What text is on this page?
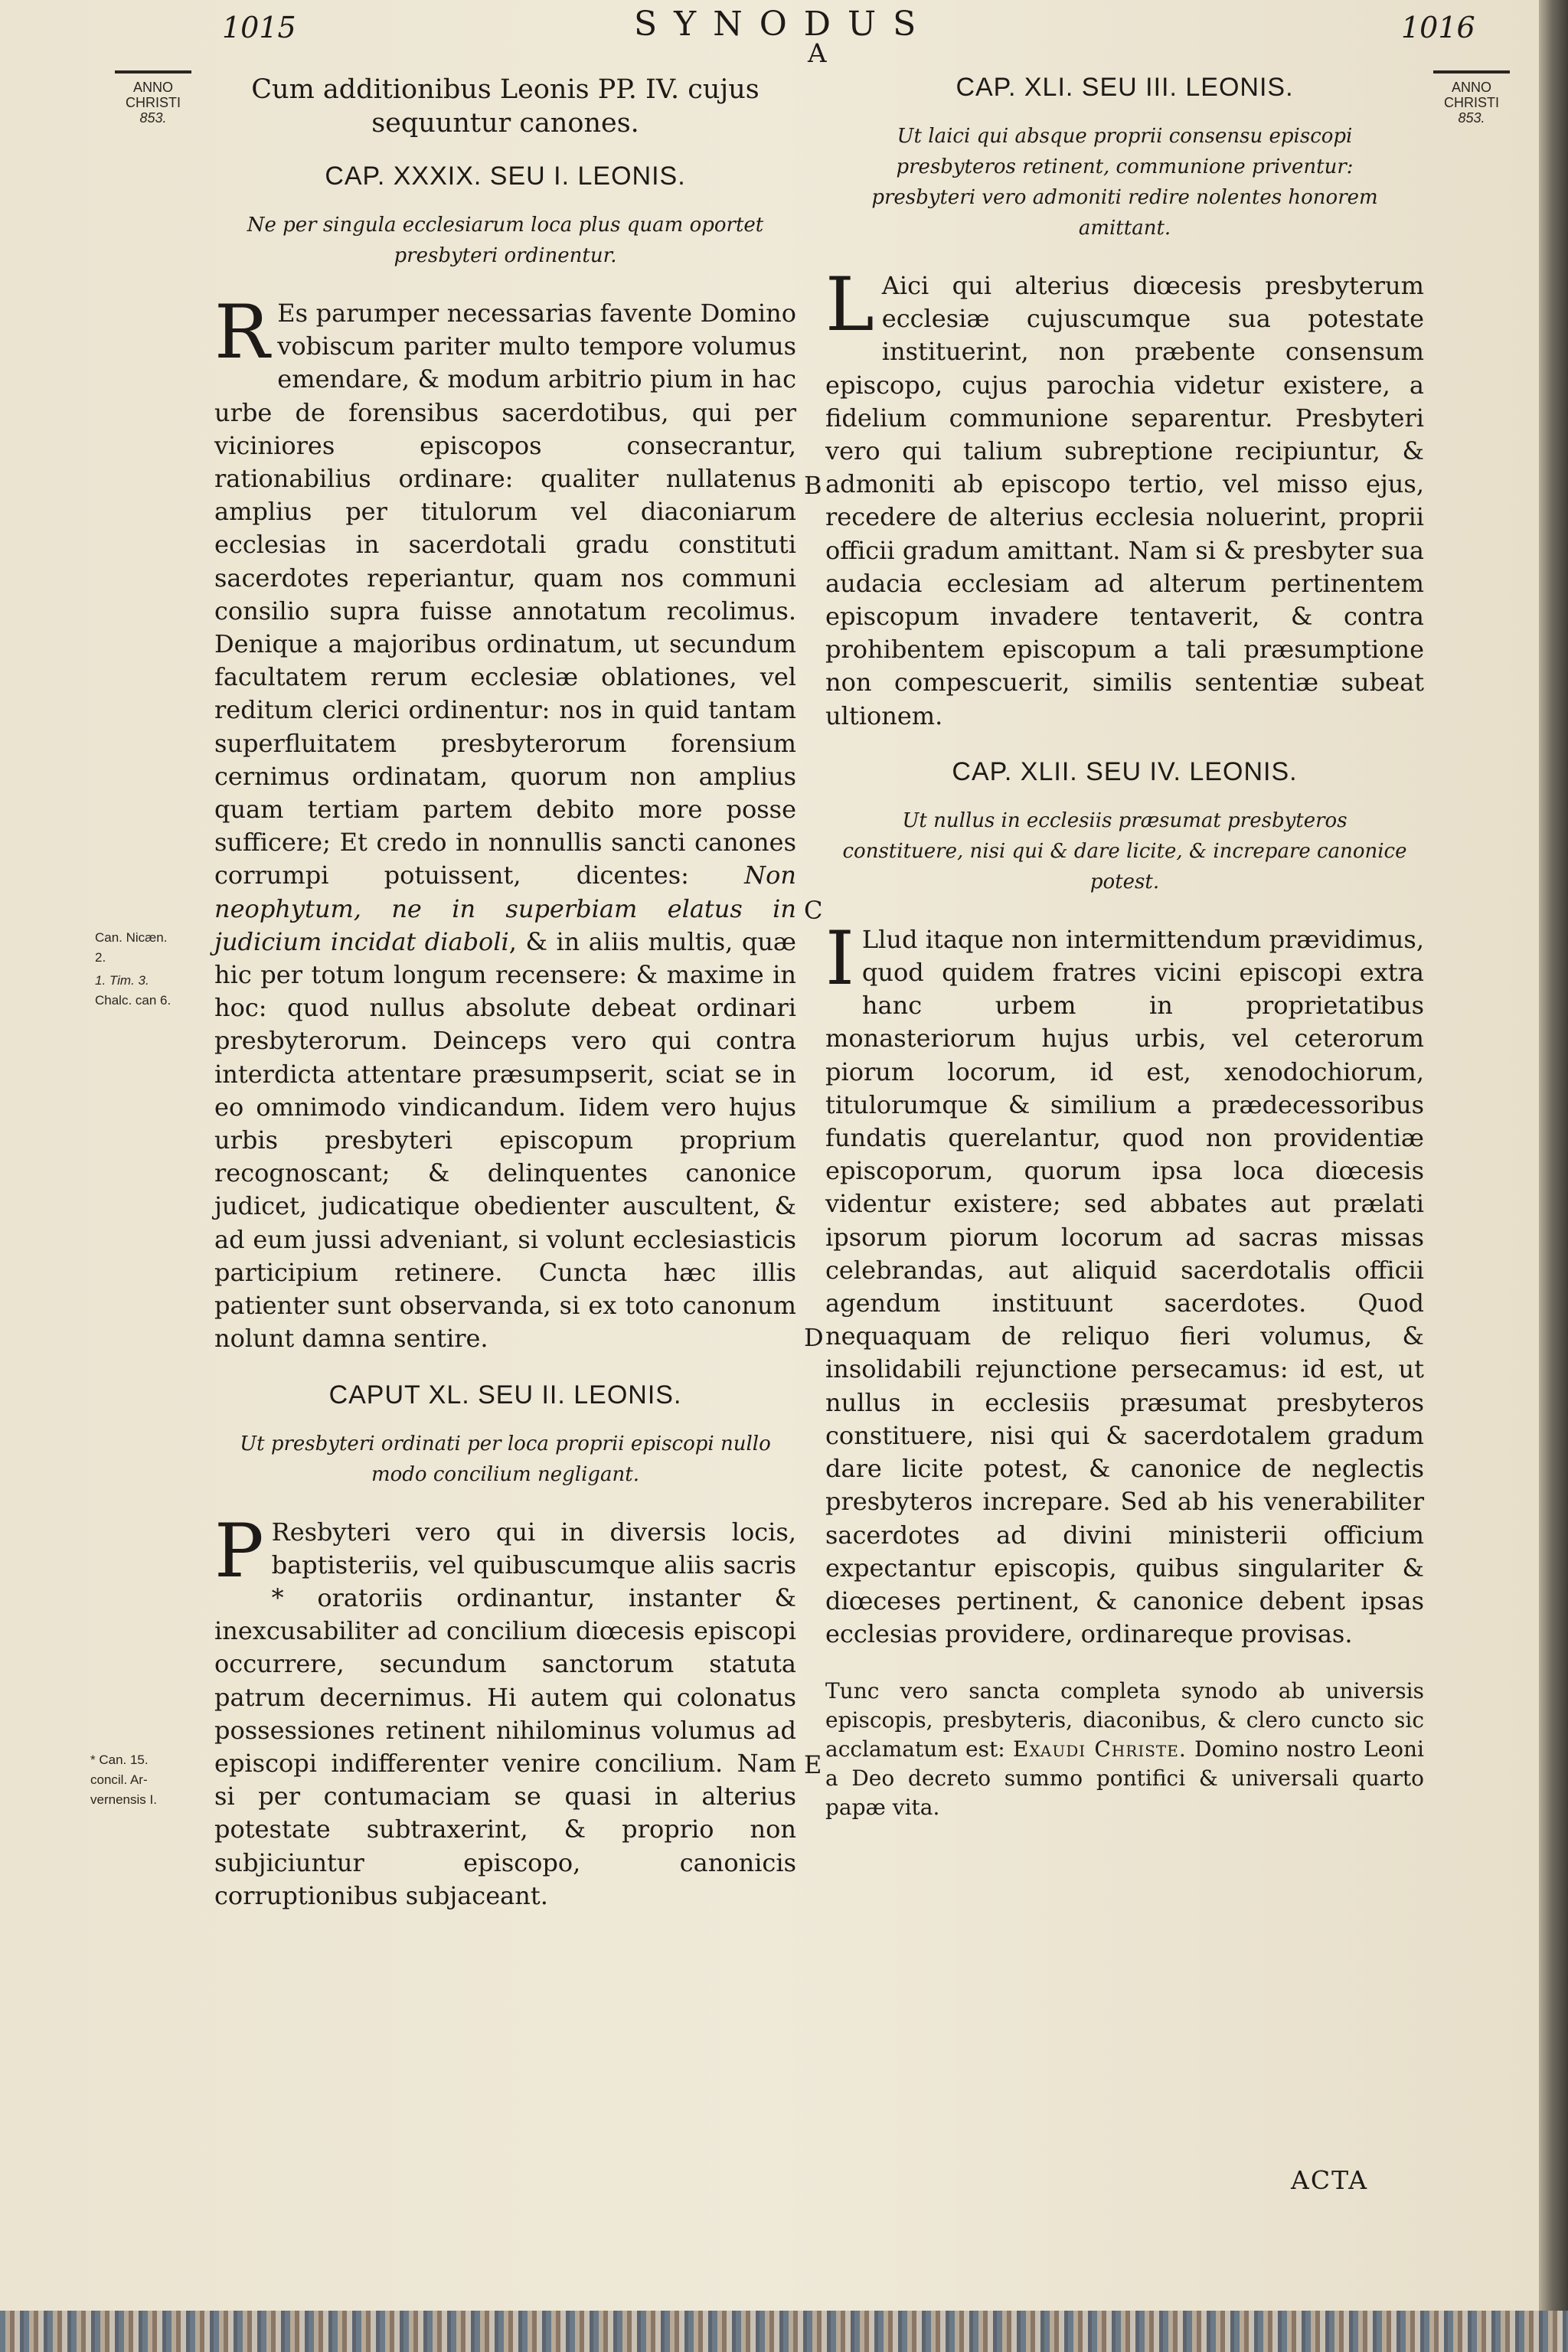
1015	SYNODUS
A
1016
ANNO CHRISTI
853.
ANNO CHRISTI
853.
Cum additionibus Leonis PP. IV. cujus
sequuntur canones.
CAP. XXXIX. SEU I. LEONIS.
Ne per singula ecclesiarum loca plus quam oportet presbyteri ordinentur.
R Es parumper necessarias favente Domino vobiscum pariter multo tempore volumus emendare, & modum arbitrio pium in hac urbe de forensibus sacerdotibus, qui per viciniores episcopos consecrantur, rationabilius ordinare: qualiter nullatenus amplius per titulorum vel diaconiarum ecclesias in sacerdotali gradu constituti sacerdotes reperiantur, quam nos communi consilio supra fuisse annotatum recolimus. Denique a majoribus ordinatum, ut secundum facultatem rerum ecclesiæ oblationes, vel reditum clerici ordinentur: nos in quid tantam superfluitatem presbyterorum forensium cernimus ordinatam, quorum non amplius quam tertiam partem debito more posse sufficere; Et credo in nonnullis sancti canones corrumpi potuissent, dicentes: Non neophytum, ne in superbiam elatus in judicium incidat diaboli, & in aliis multis, quæ hic per totum longum recensere: & maxime in hoc: quod nullus absolute debeat ordinari presbyterorum. Deinceps vero qui contra interdicta attentare præsumpserit, sciat se in eo omnimodo vindicandum. Iidem vero hujus urbis presbyteri episcopum proprium recognoscant; & delinquentes canonice judicet, judicatique obedienter auscultent, & ad eum jussi adveniant, si volunt ecclesiasticis participium retinere. Cuncta hæc illis patienter sunt observanda, si ex toto canonum nolunt damna sentire.
CAPUT XL. SEU II. LEONIS.
Ut presbyteri ordinati per loca proprii episcopi nullo modo concilium negligant.
P Resbyteri vero qui in diversis locis, baptisteriis, vel quibuscumque aliis sacris * oratoriis ordinantur, instanter & inexcusabiliter ad concilium diœcesis episcopi occurrere, secundum sanctorum statuta patrum decernimus. Hi autem qui colonatus possessiones retinent nihilominus volumus ad episcopi indifferenter venire concilium. Nam si per contumaciam se quasi in alterius potestate subtraxerint, & proprio non subjiciuntur episcopo, canonicis corruptionibus subjaceant.
CAP. XLI. SEU III. LEONIS.
Ut laici qui absque proprii consensu episcopi presbyteros retinent, communione priventur: presbyteri vero admoniti redire nolentes honorem amittant.
L Aici qui alterius diœcesis presbyterum ecclesiæ cujuscumque sua potestate instituerint, non præbente consensum episcopo, cujus parochia videtur existere, a fidelium communione separentur. Presbyteri vero qui talium subreptione recipiuntur, & admoniti ab episcopo tertio, vel misso ejus, recedere de alterius ecclesia noluerint, proprii officii gradum amittant. Nam si & presbyter sua audacia ecclesiam ad alterum pertinentem episcopum invadere tentaverit, & contra prohibentem episcopum a tali præsumptione non compescuerit, similis sententiæ subeat ultionem.
CAP. XLII. SEU IV. LEONIS.
Ut nullus in ecclesiis præsumat presbyteros constituere, nisi qui & dare licite, & increpare canonice potest.
I Llud itaque non intermittendum prævidimus, quod quidem fratres vicini episcopi extra hanc urbem in proprietatibus monasteriorum hujus urbis, vel ceterorum piorum locorum, id est, xenodochiorum, titulorumque & similium a prædecessoribus fundatis querelantur, quod non providentiæ episcoporum, quorum ipsa loca diœcesis videntur existere; sed abbates aut prælati ipsorum piorum locorum ad sacras missas celebrandas, aut aliquid sacerdotalis officii agendum instituunt sacerdotes. Quod nequaquam de reliquo fieri volumus, & insolidabili rejunctione persecamus: id est, ut nullus in ecclesiis præsumat presbyteros constituere, nisi qui & sacerdotalem gradum dare licite potest, & canonice de neglectis presbyteros increpare. Sed ab his venerabiliter sacerdotes ad divini ministerii officium expectantur episcopis, quibus singulariter & diœceses pertinent, & canonice debent ipsas ecclesias providere, ordinareque provisas.
Tunc vero sancta completa synodo ab universis episcopis, presbyteris, diaconibus, & clero cuncto sic acclamatum est: Exaudi Christe. Domino nostro Leoni a Deo decreto summo pontifici & universali quarto papæ vita.
B
C
D
E
Can. Nicæn.
2.
1. Tim. 3.
Chalc. can 6.
* Can. 15.
concil. Ar-
vernensis I.
ACTA
